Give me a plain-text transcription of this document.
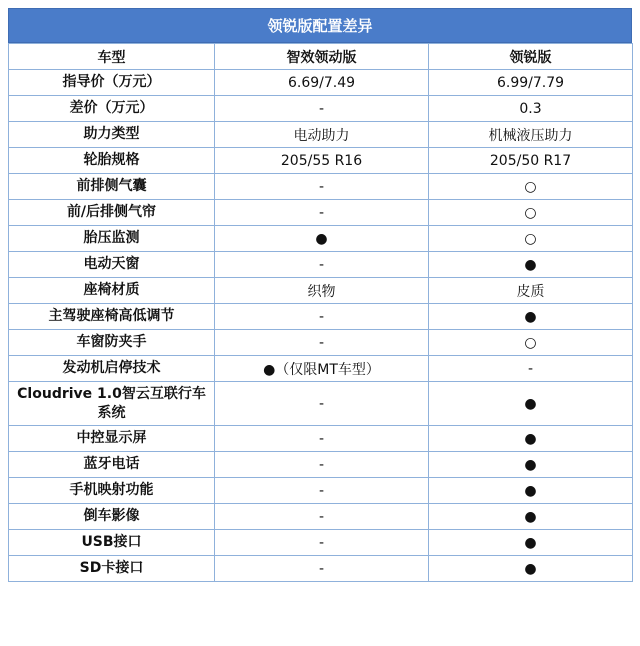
领锐版配置差异
车型	智效领动版	领锐版
指导价（万元）	6.69/7.49	6.99/7.79
差价（万元）	-	0.3
助力类型	电动助力	机械液压助力
轮胎规格	205/55 R16	205/50 R17
前排侧气囊	-	○
前/后排侧气帘	-	○
胎压监测	●	○
电动天窗	-	●
座椅材质	织物	皮质
主驾驶座椅高低调节	-	●
车窗防夹手	-	○
发动机启停技术	●（仅限MT车型）	-
Cloudrive 1.0智云互联行车系统	-	●
中控显示屏	-	●
蓝牙电话	-	●
手机映射功能	-	●
倒车影像	-	●
USB接口	-	●
SD卡接口	-	●
